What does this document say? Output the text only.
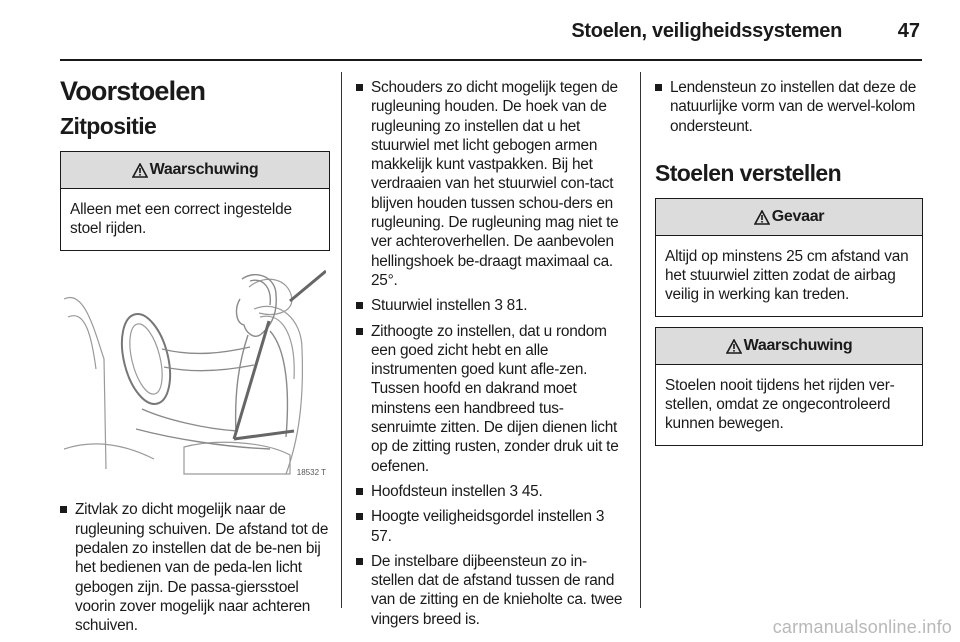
Stoelen, veiligheidssystemen	47
Voorstoelen
Zitpositie
Waarschuwing
Alleen met een correct ingestelde stoel rijden.
18532 T
Zitvlak zo dicht mogelijk naar de rugleuning schuiven. De afstand tot de pedalen zo instellen dat de be-nen bij het bedienen van de peda-len licht gebogen zijn. De passa-giersstoel voorin zover mogelijk naar achteren schuiven.
Schouders zo dicht mogelijk tegen de rugleuning houden. De hoek van de rugleuning zo instellen dat u het stuurwiel met licht gebogen armen makkelijk kunt vastpakken. Bij het verdraaien van het stuurwiel con-tact blijven houden tussen schou-ders en rugleuning. De rugleuning mag niet te ver achteroverhellen. De aanbevolen hellingshoek be-draagt maximaal ca. 25°.
Stuurwiel instellen 3 81.
Zithoogte zo instellen, dat u rondom een goed zicht hebt en alle instrumenten goed kunt afle-zen. Tussen hoofd en dakrand moet minstens een handbreed tus-senruimte zitten. De dijen dienen licht op de zitting rusten, zonder druk uit te oefenen.
Hoofdsteun instellen 3 45.
Hoogte veiligheidsgordel instellen 3 57.
De instelbare dijbeensteun zo in-stellen dat de afstand tussen de rand van de zitting en de knieholte ca. twee vingers breed is.
Lendensteun zo instellen dat deze de natuurlijke vorm van de wervel-kolom ondersteunt.
Stoelen verstellen
Gevaar
Altijd op minstens 25 cm afstand van het stuurwiel zitten zodat de airbag veilig in werking kan treden.
Waarschuwing
Stoelen nooit tijdens het rijden ver-stellen, omdat ze ongecontroleerd kunnen bewegen.
carmanualsonline.info
